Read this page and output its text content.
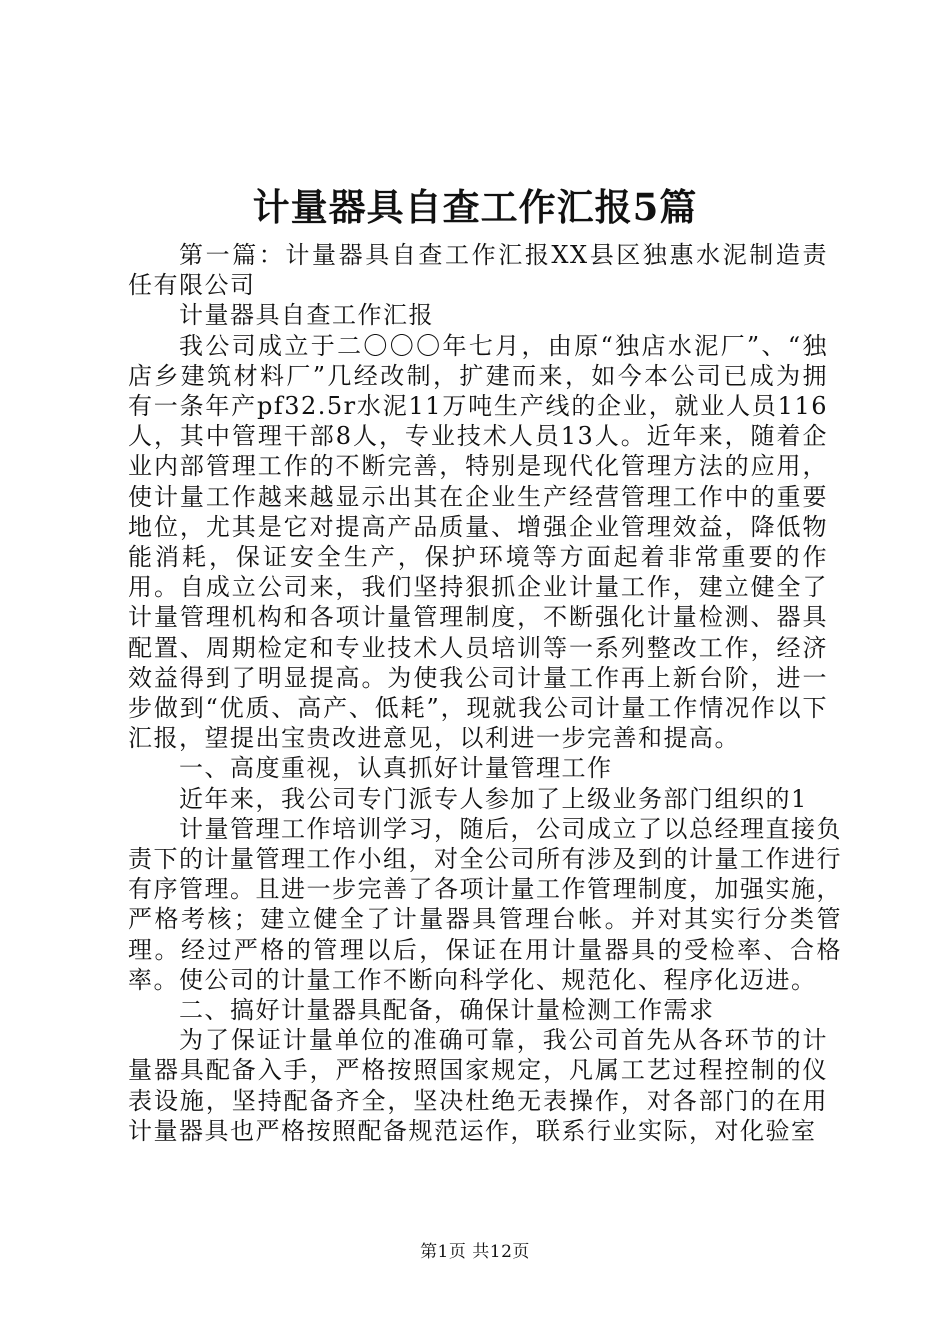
计量器具自查工作汇报5篇

第一篇：计量器具自查工作汇报XX县区独惠水泥制造责任有限公司

计量器具自查工作汇报

我公司成立于二〇〇〇年七月，由原“独店水泥厂”、“独店乡建筑材料厂”几经改制，扩建而来，如今本公司已成为拥有一条年产pf32.5r水泥11万吨生产线的企业，就业人员116人，其中管理干部8人，专业技术人员13人。近年来，随着企业内部管理工作的不断完善，特别是现代化管理方法的应用，使计量工作越来越显示出其在企业生产经营管理工作中的重要地位，尤其是它对提高产品质量、增强企业管理效益，降低物能消耗，保证安全生产，保护环境等方面起着非常重要的作用。自成立公司来，我们坚持狠抓企业计量工作，建立健全了计量管理机构和各项计量管理制度，不断强化计量检测、器具配置、周期检定和专业技术人员培训等一系列整改工作，经济效益得到了明显提高。为使我公司计量工作再上新台阶，进一步做到“优质、高产、低耗”，现就我公司计量工作情况作以下汇报，望提出宝贵改进意见，以利进一步完善和提高。

一、高度重视，认真抓好计量管理工作

近年来，我公司专门派专人参加了上级业务部门组织的1

计量管理工作培训学习，随后，公司成立了以总经理直接负责下的计量管理工作小组，对全公司所有涉及到的计量工作进行有序管理。且进一步完善了各项计量工作管理制度，加强实施，严格考核；建立健全了计量器具管理台帐。并对其实行分类管理。经过严格的管理以后，保证在用计量器具的受检率、合格率。使公司的计量工作不断向科学化、规范化、程序化迈进。

二、搞好计量器具配备，确保计量检测工作需求

为了保证计量单位的准确可靠，我公司首先从各环节的计量器具配备入手，严格按照国家规定，凡属工艺过程控制的仪表设施，坚持配备齐全，坚决杜绝无表操作，对各部门的在用计量器具也严格按照配备规范运作，联系行业实际，对化验室

第1页 共12页
